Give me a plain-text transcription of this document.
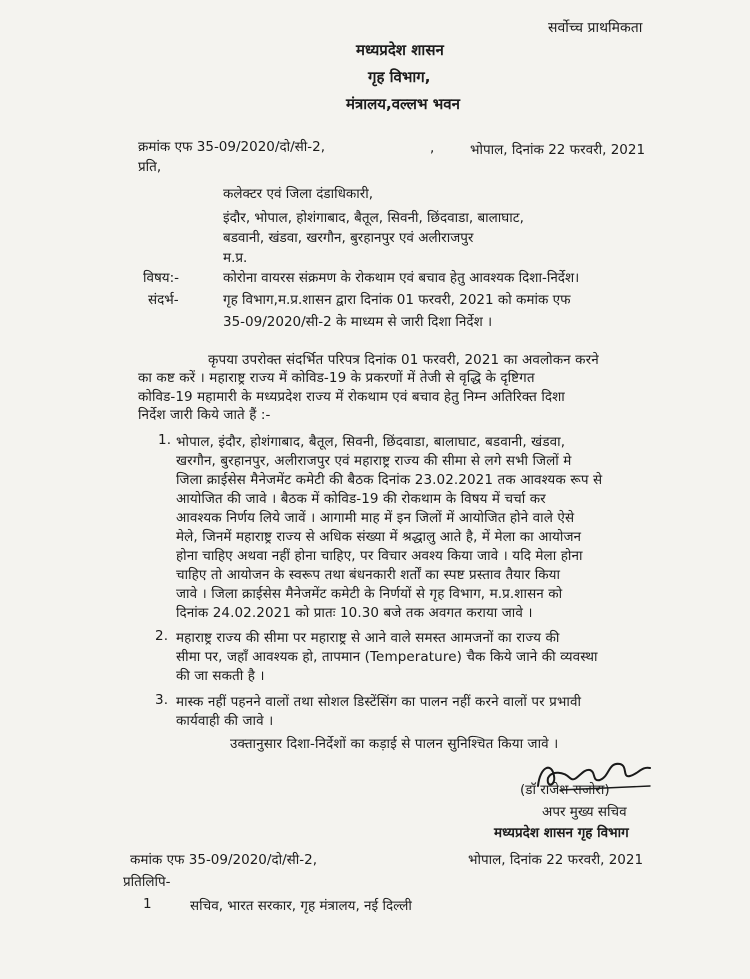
सर्वोच्च प्राथमिकता
मध्यप्रदेश शासन
गृह विभाग,
मंत्रालय,वल्लभ भवन
क्रमांक एफ 35-09/2020/दो/सी-2,	,	भोपाल, दिनांक 22 फरवरी, 2021
प्रति,
कलेक्टर एवं जिला दंडाधिकारी,
इंदौर, भोपाल, होशंगाबाद, बैतूल, सिवनी, छिंदवाडा, बालाघाट,
बडवानी, खंडवा, खरगौन, बुरहानपुर एवं अलीराजपुर
म.प्र.
विषय:-	कोरोना वायरस संक्रमण के रोकथाम एवं बचाव हेतु आवश्यक दिशा-निर्देश।
संदर्भ-	गृह विभाग,म.प्र.शासन द्वारा दिनांक 01 फरवरी, 2021 को कमांक एफ
35-09/2020/सी-2 के माध्यम से जारी दिशा निर्देश ।
कृपया उपरोक्त संदर्भित परिपत्र दिनांक 01 फरवरी, 2021 का अवलोकन करने
का कष्ट करें । महाराष्ट्र राज्य में कोविड-19 के प्रकरणों में तेजी से वृद्धि के दृष्टिगत
कोविड-19 महामारी के मध्यप्रदेश राज्य में रोकथाम एवं बचाव हेतु निम्न अतिरिक्त दिशा
निर्देश जारी किये जाते हैं :-
1. भोपाल, इंदौर, होशंगाबाद, बैतूल, सिवनी, छिंदवाडा, बालाघाट, बडवानी, खंडवा,
खरगौन, बुरहानपुर, अलीराजपुर एवं महाराष्ट्र राज्य की सीमा से लगे सभी जिलों मे
जिला क्राईसेस मैनेजमेंट कमेटी की बैठक दिनांक 23.02.2021 तक आवश्यक रूप से
आयोजित की जावे । बैठक में कोविड-19 की रोकथाम के विषय में चर्चा कर
आवश्यक निर्णय लिये जावें । आगामी माह में इन जिलों में आयोजित होने वाले ऐसे
मेले, जिनमें महाराष्ट्र राज्य से अधिक संख्या में श्रद्धालु आते है, में मेला का आयोजन
होना चाहिए अथवा नहीं होना चाहिए, पर विचार अवश्य किया जावे । यदि मेला होना
चाहिए तो आयोजन के स्वरूप तथा बंधनकारी शर्तों का स्पष्ट प्रस्ताव तैयार किया
जावे । जिला क्राईसेस मैनेजमेंट कमेटी के निर्णयों से गृह विभाग, म.प्र.शासन को
दिनांक 24.02.2021 को प्रातः 10.30 बजे तक अवगत कराया जावे ।
2. महाराष्ट्र राज्य की सीमा पर महाराष्ट्र से आने वाले समस्त आमजनों का राज्य की
सीमा पर, जहाँ आवश्यक हो, तापमान (Temperature) चैक किये जाने की व्यवस्था
की जा सकती है ।
3. मास्क नहीं पहनने वालों तथा सोशल डिस्टेंसिंग का पालन नहीं करने वालों पर प्रभावी
कार्यवाही की जावे ।
उक्तानुसार दिशा-निर्देशों का कड़ाई से पालन सुनिश्चित किया जावे ।
(डॉ राजेश राजोरा)
अपर मुख्य सचिव
मध्यप्रदेश शासन गृह विभाग
कमांक एफ 35-09/2020/दो/सी-2,	भोपाल, दिनांक 22 फरवरी, 2021
प्रतिलिपि-
1	सचिव, भारत सरकार, गृह मंत्रालय, नई दिल्ली
